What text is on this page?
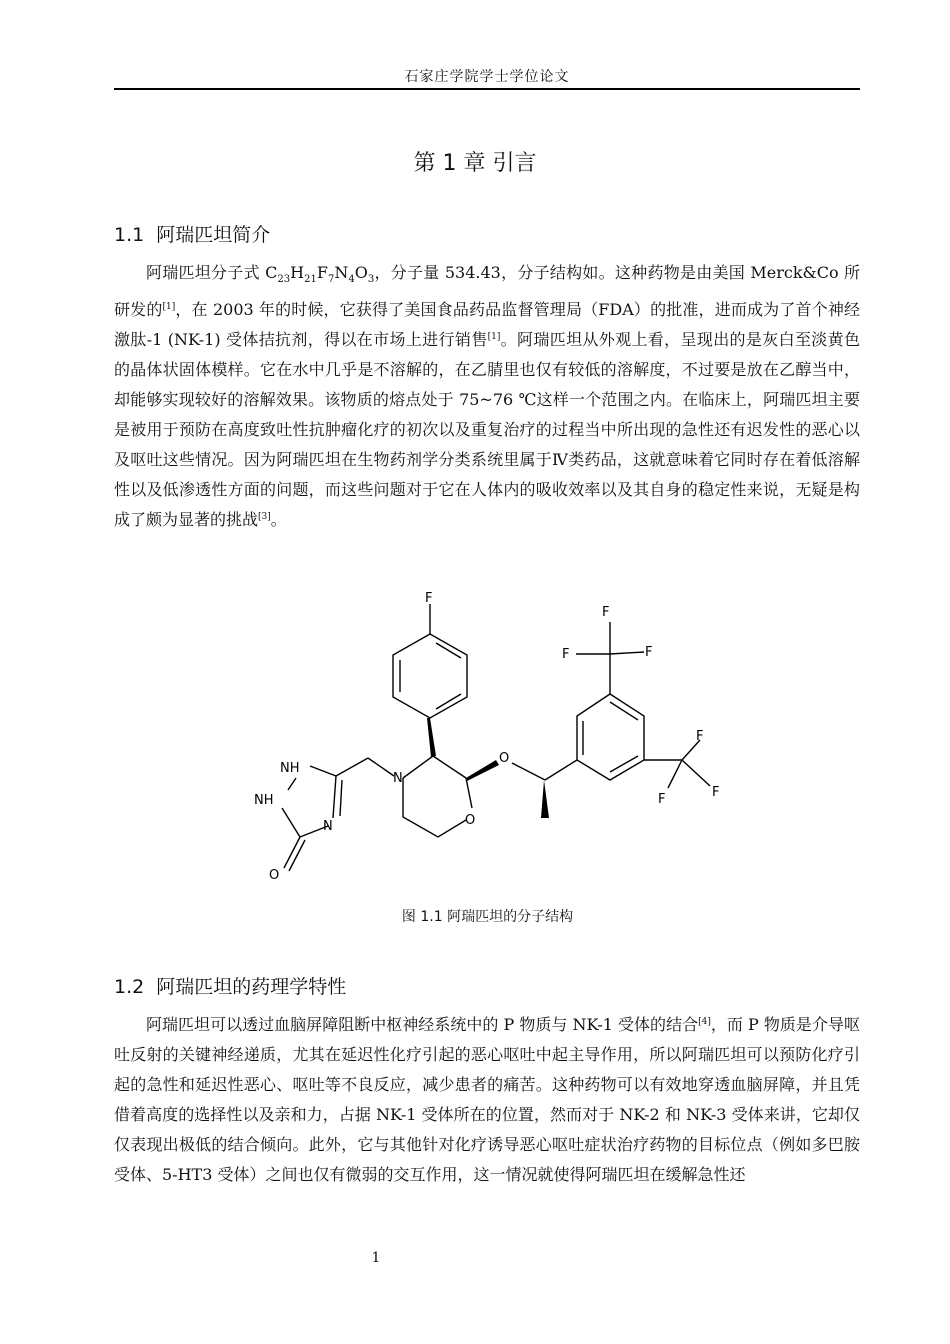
石家庄学院学士学位论文
第 1 章 引言
1.1 阿瑞匹坦简介

阿瑞匹坦分子式 $C_{23}H_{21}F_7N_4O_3$，分子量 534.43，分子结构如。这种药物是由美国 Merck&Co 所研发的[1]，在 2003 年的时候，它获得了美国食品药品监督管理局（FDA）的批准，进而成为了首个神经激肽-1 (NK-1) 受体拮抗剂，得以在市场上进行销售[1]。阿瑞匹坦从外观上看，呈现出的是灰白至淡黄色的晶体状固体模样。它在水中几乎是不溶解的，在乙腈里也仅有较低的溶解度，不过要是放在乙醇当中，却能够实现较好的溶解效果。该物质的熔点处于 75~76 ℃这样一个范围之内。在临床上，阿瑞匹坦主要是被用于预防在高度致吐性抗肿瘤化疗的初次以及重复治疗的过程当中所出现的急性还有迟发性的恶心以及呕吐这些情况。因为阿瑞匹坦在生物药剂学分类系统里属于Ⅳ类药品，这就意味着它同时存在着低溶解性以及低渗透性方面的问题，而这些问题对于它在人体内的吸收效率以及其自身的稳定性来说，无疑是构成了颇为显著的挑战[3]。

F
N
O
O
NH
NH
N
O
F
F	F
F
F
F
图 1.1 阿瑞匹坦的分子结构
1.2 阿瑞匹坦的药理学特性

阿瑞匹坦可以透过血脑屏障阻断中枢神经系统中的 P 物质与 NK-1 受体的结合[4]，而 P 物质是介导呕吐反射的关键神经递质，尤其在延迟性化疗引起的恶心呕吐中起主导作用，所以阿瑞匹坦可以预防化疗引起的急性和延迟性恶心、呕吐等不良反应，减少患者的痛苦。这种药物可以有效地穿透血脑屏障，并且凭借着高度的选择性以及亲和力，占据 NK-1 受体所在的位置，然而对于 NK-2 和 NK-3 受体来讲，它却仅仅表现出极低的结合倾向。此外，它与其他针对化疗诱导恶心呕吐症状治疗药物的目标位点（例如多巴胺受体、5-HT3 受体）之间也仅有微弱的交互作用，这一情况就使得阿瑞匹坦在缓解急性还

1
